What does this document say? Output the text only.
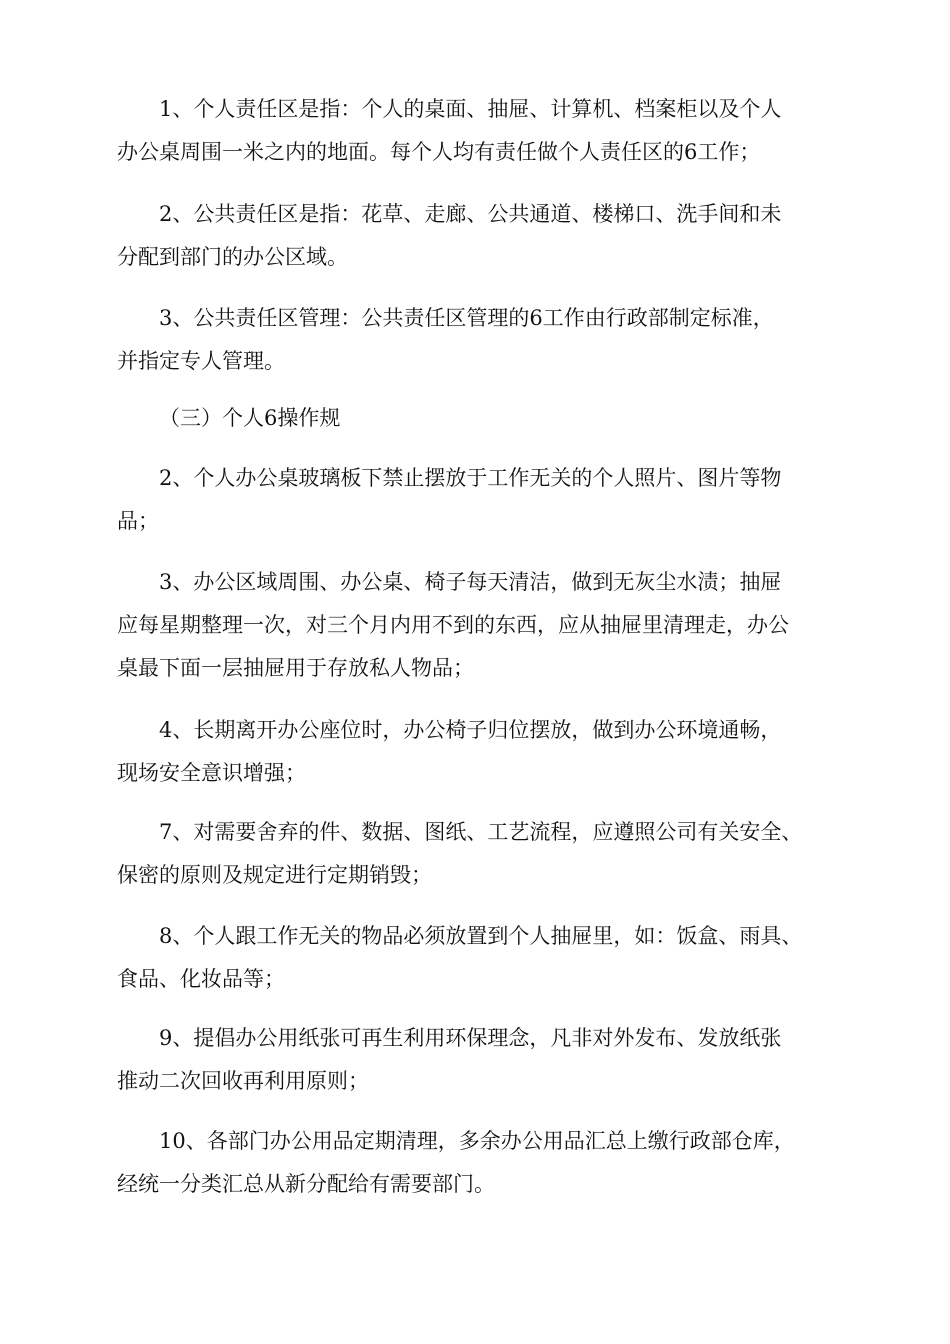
1、个人责任区是指：个人的桌面、抽屉、计算机、档案柜以及个人
办公桌周围一米之内的地面。每个人均有责任做个人责任区的6工作；
2、公共责任区是指：花草、走廊、公共通道、楼梯口、洗手间和未
分配到部门的办公区域。
3、公共责任区管理：公共责任区管理的6工作由行政部制定标准，
并指定专人管理。
（三）个人6操作规
2、个人办公桌玻璃板下禁止摆放于工作无关的个人照片、图片等物
品；
3、办公区域周围、办公桌、椅子每天清洁，做到无灰尘水渍；抽屉
应每星期整理一次，对三个月内用不到的东西，应从抽屉里清理走，办公
桌最下面一层抽屉用于存放私人物品；
4、长期离开办公座位时，办公椅子归位摆放，做到办公环境通畅，
现场安全意识增强；
7、对需要舍弃的件、数据、图纸、工艺流程，应遵照公司有关安全、
保密的原则及规定进行定期销毁；
8、个人跟工作无关的物品必须放置到个人抽屉里，如：饭盒、雨具、
食品、化妆品等；
9、提倡办公用纸张可再生利用环保理念，凡非对外发布、发放纸张
推动二次回收再利用原则；
10、各部门办公用品定期清理，多余办公用品汇总上缴行政部仓库，
经统一分类汇总从新分配给有需要部门。
